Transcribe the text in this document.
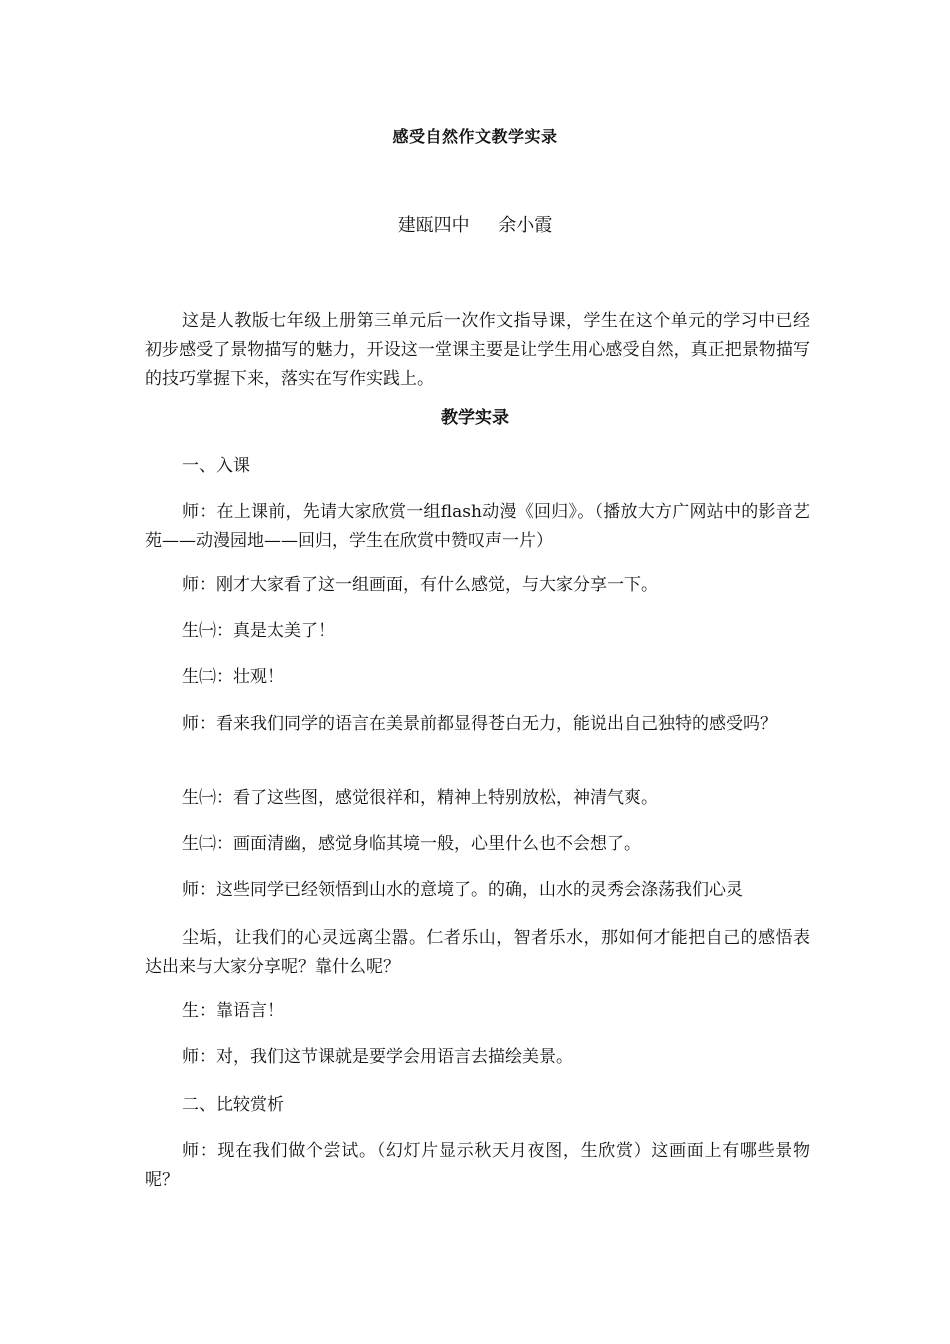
感受自然作文教学实录
建瓯四中     余小霞

这是人教版七年级上册第三单元后一次作文指导课，学生在这个单元的学习中已经初步感受了景物描写的魅力，开设这一堂课主要是让学生用心感受自然，真正把景物描写的技巧掌握下来，落实在写作实践上。

教学实录

一、入课

师：在上课前，先请大家欣赏一组flash动漫《回归》。（播放大方广网站中的影音艺苑——动漫园地——回归，学生在欣赏中赞叹声一片）

师：刚才大家看了这一组画面，有什么感觉，与大家分享一下。

生㈠：真是太美了！

生㈡：壮观！

师：看来我们同学的语言在美景前都显得苍白无力，能说出自己独特的感受吗？

生㈠：看了这些图，感觉很祥和，精神上特别放松，神清气爽。

生㈡：画面清幽，感觉身临其境一般，心里什么也不会想了。

师：这些同学已经领悟到山水的意境了。的确，山水的灵秀会涤荡我们心灵

尘垢，让我们的心灵远离尘嚣。仁者乐山，智者乐水，那如何才能把自己的感悟表达出来与大家分享呢？靠什么呢？

生：靠语言！

师：对，我们这节课就是要学会用语言去描绘美景。

二、比较赏析

师：现在我们做个尝试。（幻灯片显示秋天月夜图，生欣赏）这画面上有哪些景物呢？
